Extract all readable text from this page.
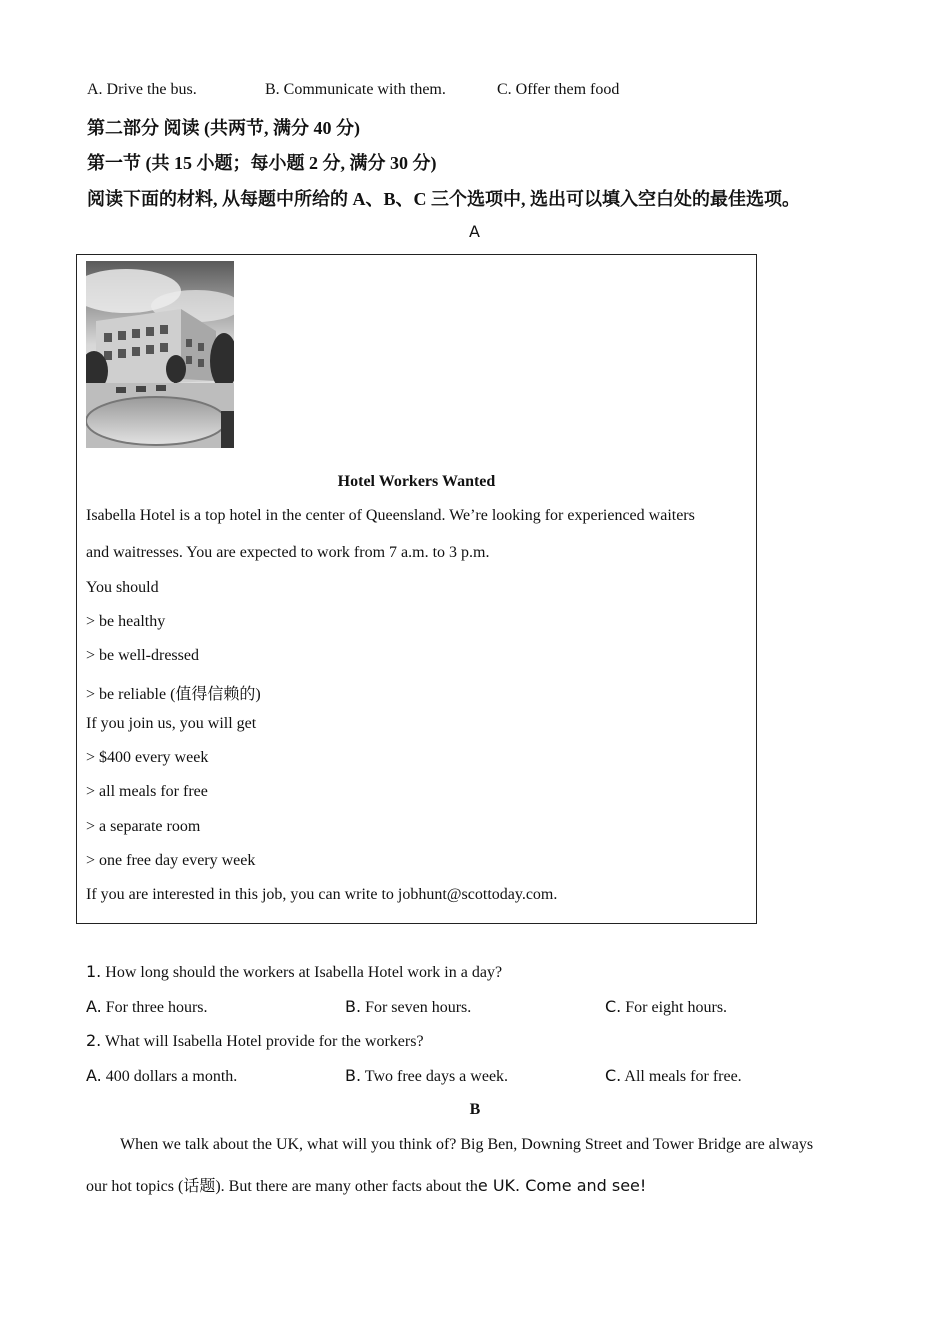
A. Drive the bus.	B. Communicate with them.	C. Offer them food
第二部分 阅读 (共两节, 满分 40 分)
第一节 (共 15 小题；每小题 2 分, 满分 30 分)
阅读下面的材料, 从每题中所给的 A、B、C 三个选项中, 选出可以填入空白处的最佳选项。
A
Hotel Workers Wanted
Isabella Hotel is a top hotel in the center of Queensland. We’re looking for experienced waiters
and waitresses. You are expected to work from 7 a.m. to 3 p.m.
You should
> be healthy
> be well-dressed
> be reliable (值得信赖的)
If you join us, you will get
> $400 every week
> all meals for free
> a separate room
> one free day every week
If you are interested in this job, you can write to jobhunt@scottoday.com.
1. How long should the workers at Isabella Hotel work in a day?
A. For three hours.	B. For seven hours.	C. For eight hours.
2. What will Isabella Hotel provide for the workers?
A. 400 dollars a month.	B. Two free days a week.	C. All meals for free.
B
When we talk about the UK, what will you think of? Big Ben, Downing Street and Tower Bridge are always
our hot topics (话题). But there are many other facts about the UK. Come and see!
